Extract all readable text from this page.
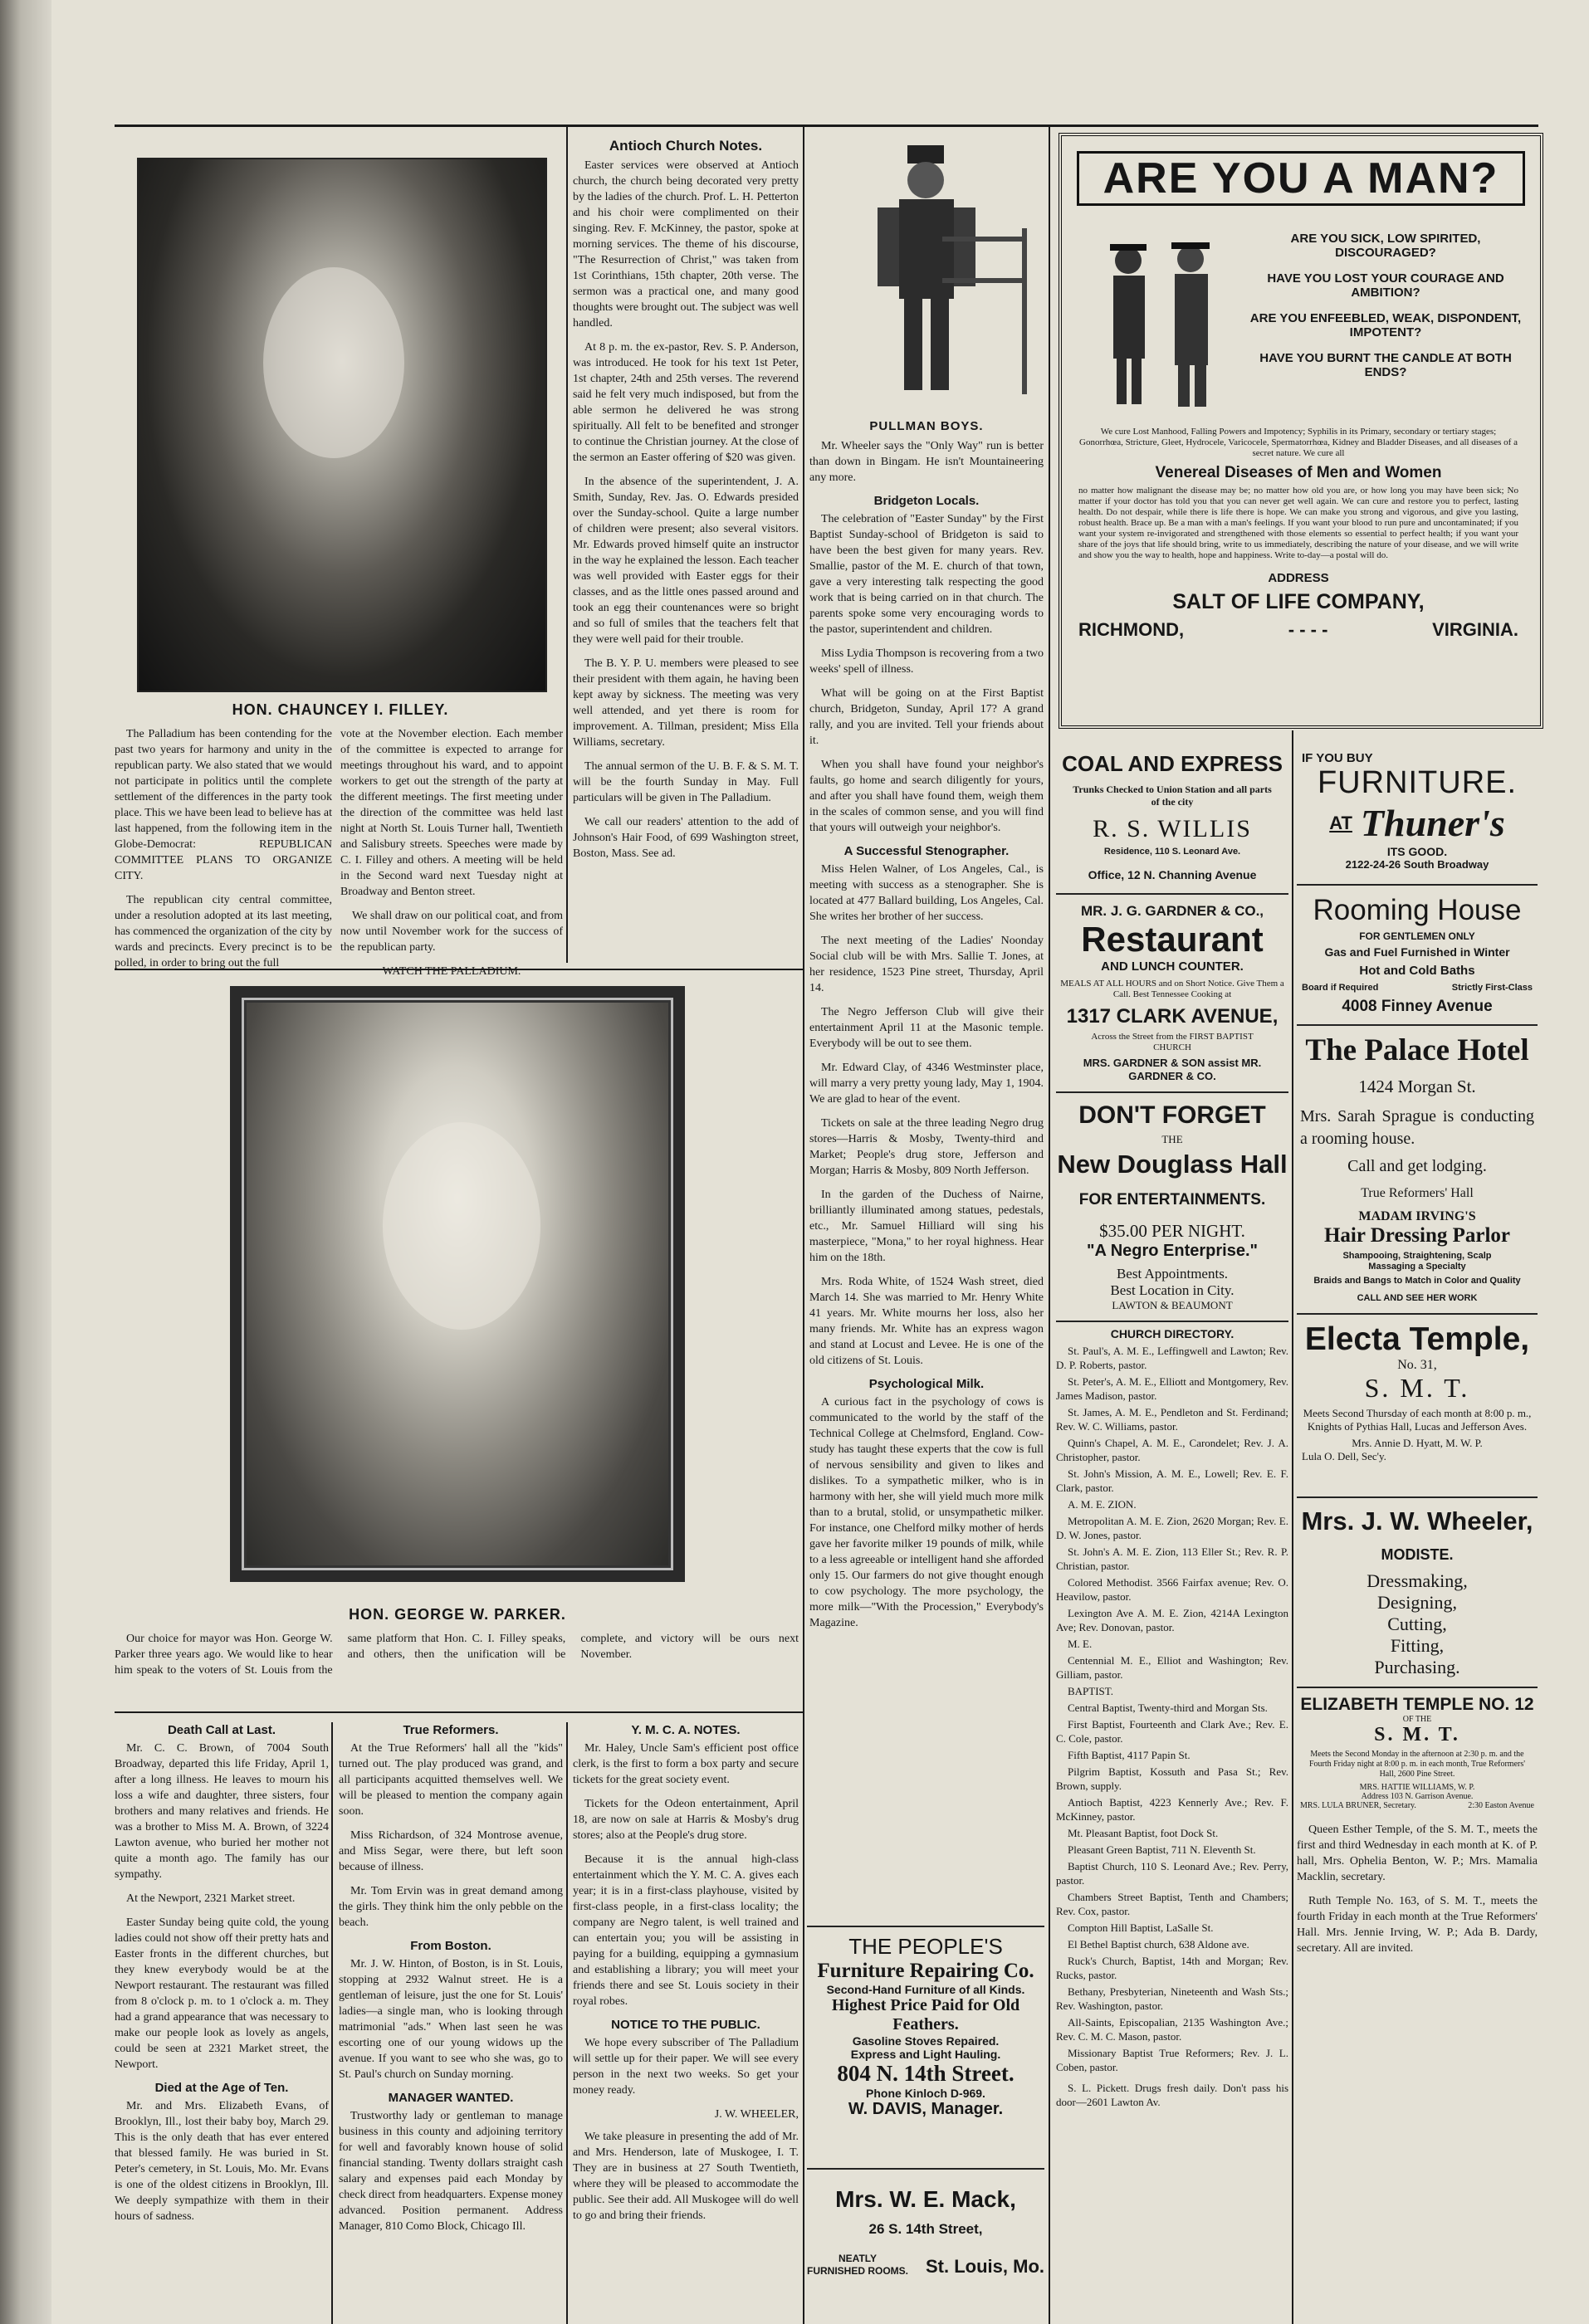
HON. CHAUNCEY I. FILLEY.

The Palladium has been contending for the past two years for harmony and unity in the republican party. We also stated that we would not participate in politics until the complete settlement of the differences in the party took place. This we have been lead to believe has at last happened, from the following item in the Globe-Democrat: REPUBLICAN COMMITTEE PLANS TO ORGANIZE CITY.

The republican city central committee, under a resolution adopted at its last meeting, has commenced the organization of the city by wards and precincts. Every precinct is to be polled, in order to bring out the full

vote at the November election. Each member of the committee is expected to arrange for meetings throughout his ward, and to appoint workers to get out the strength of the party at the different meetings. The first meeting under the direction of the committee was held last night at North St. Louis Turner hall, Twentieth and Salisbury streets. Speeches were made by C. I. Filley and others. A meeting will be held in the Second ward next Tuesday night at Broadway and Benton street.

We shall draw on our political coat, and from now until November work for the success of the republican party.

WATCH THE PALLADIUM.
Antioch Church Notes.

Easter services were observed at Antioch church, the church being decorated very pretty by the ladies of the church. Prof. L. H. Petterton and his choir were complimented on their singing. Rev. F. McKinney, the pastor, spoke at morning services. The theme of his discourse, "The Resurrection of Christ," was taken from 1st Corinthians, 15th chapter, 20th verse. The sermon was a practical one, and many good thoughts were brought out. The subject was well handled.

At 8 p. m. the ex-pastor, Rev. S. P. Anderson, was introduced. He took for his text 1st Peter, 1st chapter, 24th and 25th verses. The reverend said he felt very much indisposed, but from the able sermon he delivered he was strong spiritually. All felt to be benefited and stronger to continue the Christian journey. At the close of the sermon an Easter offering of $20 was given.

In the absence of the superintendent, J. A. Smith, Sunday, Rev. Jas. O. Edwards presided over the Sunday-school. Quite a large number of children were present; also several visitors. Mr. Edwards proved himself quite an instructor in the way he explained the lesson. Each teacher was well provided with Easter eggs for their classes, and as the little ones passed around and took an egg their countenances were so bright and so full of smiles that the teachers felt that they were well paid for their trouble.

The B. Y. P. U. members were pleased to see their president with them again, he having been kept away by sickness. The meeting was very well attended, and yet there is room for improvement. A. Tillman, president; Miss Ella Williams, secretary.

The annual sermon of the U. B. F. & S. M. T. will be the fourth Sunday in May. Full particulars will be given in The Palladium.

We call our readers' attention to the add of Johnson's Hair Food, of 699 Washington street, Boston, Mass. See ad.

HON. GEORGE W. PARKER.

Our choice for mayor was Hon. George W. Parker three years ago. We would like to hear him speak to the voters of St. Louis from the same platform that Hon. C. I. Filley speaks, and others, then the unification will be complete, and victory will be ours next November.

Death Call at Last.

Mr. C. C. Brown, of 7004 South Broadway, departed this life Friday, April 1, after a long illness. He leaves to mourn his loss a wife and daughter, three sisters, four brothers and many relatives and friends. He was a brother to Miss M. A. Brown, of 3224 Lawton avenue, who buried her mother not quite a month ago. The family has our sympathy.

At the Newport, 2321 Market street.

Easter Sunday being quite cold, the young ladies could not show off their pretty hats and Easter fronts in the different churches, but they knew everybody would be at the Newport restaurant. The restaurant was filled from 8 o'clock p. m. to 1 o'clock a. m. They had a grand appearance that was necessary to make our people look as lovely as angels, could be seen at 2321 Market street, the Newport.

Died at the Age of Ten.

Mr. and Mrs. Elizabeth Evans, of Brooklyn, Ill., lost their baby boy, March 29. This is the only death that has ever entered that blessed family. He was buried in St. Peter's cemetery, in St. Louis, Mo. Mr. Evans is one of the oldest citizens in Brooklyn, Ill. We deeply sympathize with them in their hours of sadness.

True Reformers.

At the True Reformers' hall all the "kids" turned out. The play produced was grand, and all participants acquitted themselves well. We will be pleased to mention the company again soon.

Miss Richardson, of 324 Montrose avenue, and Miss Segar, were there, but left soon because of illness.

Mr. Tom Ervin was in great demand among the girls. They think him the only pebble on the beach.

From Boston.

Mr. J. W. Hinton, of Boston, is in St. Louis, stopping at 2932 Walnut street. He is a gentleman of leisure, just the one for St. Louis' ladies—a single man, who is looking through matrimonial "ads." When last seen he was escorting one of our young widows up the avenue. If you want to see who she was, go to St. Paul's church on Sunday morning.

MANAGER WANTED.

Trustworthy lady or gentleman to manage business in this county and adjoining territory for well and favorably known house of solid financial standing. Twenty dollars straight cash salary and expenses paid each Monday by check direct from headquarters. Expense money advanced. Position permanent. Address Manager, 810 Como Block, Chicago Ill.

Y. M. C. A. NOTES.

Mr. Haley, Uncle Sam's efficient post office clerk, is the first to form a box party and secure tickets for the great society event.

Tickets for the Odeon entertainment, April 18, are now on sale at Harris & Mosby's drug stores; also at the People's drug store.

Because it is the annual high-class entertainment which the Y. M. C. A. gives each year; it is in a first-class playhouse, visited by first-class people, in a first-class locality; the company are Negro talent, is well trained and can entertain you; you will be assisting in paying for a building, equipping a gymnasium and establishing a library; you will meet your friends there and see St. Louis society in their royal robes.

NOTICE TO THE PUBLIC.

We hope every subscriber of The Palladium will settle up for their paper. We will see every person in the next two weeks. So get your money ready.

J. W. WHEELER,

We take pleasure in presenting the add of Mr. and Mrs. Henderson, late of Muskogee, I. T. They are in business at 27 South Twentieth, where they will be pleased to accommodate the public. See their add. All Muskogee will do well to go and bring their friends.

PULLMAN BOYS.

Mr. Wheeler says the "Only Way" run is better than down in Bingam. He isn't Mountaineering any more.

Bridgeton Locals.

The celebration of "Easter Sunday" by the First Baptist Sunday-school of Bridgeton is said to have been the best given for many years. Rev. Smallie, pastor of the M. E. church of that town, gave a very interesting talk respecting the good work that is being carried on in that church. The parents spoke some very encouraging words to the pastor, superintendent and children.

Miss Lydia Thompson is recovering from a two weeks' spell of illness.

What will be going on at the First Baptist church, Bridgeton, Sunday, April 17? A grand rally, and you are invited. Tell your friends about it.

When you shall have found your neighbor's faults, go home and search diligently for yours, and after you shall have found them, weigh them in the scales of common sense, and you will find that yours will outweigh your neighbor's.

A Successful Stenographer.

Miss Helen Walner, of Los Angeles, Cal., is meeting with success as a stenographer. She is located at 477 Ballard building, Los Angeles, Cal. She writes her brother of her success.

The next meeting of the Ladies' Noonday Social club will be with Mrs. Sallie T. Jones, at her residence, 1523 Pine street, Thursday, April 14.

The Negro Jefferson Club will give their entertainment April 11 at the Masonic temple. Everybody will be out to see them.

Mr. Edward Clay, of 4346 Westminster place, will marry a very pretty young lady, May 1, 1904. We are glad to hear of the event.

Tickets on sale at the three leading Negro drug stores—Harris & Mosby, Twenty-third and Market; People's drug store, Jefferson and Morgan; Harris & Mosby, 809 North Jefferson.

In the garden of the Duchess of Nairne, brilliantly illuminated among statues, pedestals, etc., Mr. Samuel Hilliard will sing his masterpiece, "Mona," to her royal highness. Hear him on the 18th.

Mrs. Roda White, of 1524 Wash street, died March 14. She was married to Mr. Henry White 41 years. Mr. White mourns her loss, also her many friends. Mr. White has an express wagon and stand at Locust and Levee. He is one of the old citizens of St. Louis.

Psychological Milk.

A curious fact in the psychology of cows is communicated to the world by the staff of the Technical College at Chelmsford, England. Cow-study has taught these experts that the cow is full of nervous sensibility and given to likes and dislikes. To a sympathetic milker, who is in harmony with her, she will yield much more milk than to a brutal, stolid, or unsympathetic milker. For instance, one Chelford milky mother of herds gave her favorite milker 19 pounds of milk, while to a less agreeable or intelligent hand she afforded only 15. Our farmers do not give thought enough to cow psychology. The more psychology, the more milk—"With the Procession," Everybody's Magazine.

THE PEOPLE'S
Furniture Repairing Co.
Second-Hand Furniture of all Kinds.
Highest Price Paid for Old Feathers.
Gasoline Stoves Repaired.
Express and Light Hauling.
804 N. 14th Street.
Phone Kinloch D-969.
W. DAVIS, Manager.
Mrs. W. E. Mack,
26 S. 14th Street,
NEATLY
FURNISHED ROOMS. St. Louis, Mo.
ARE YOU A MAN?
ARE YOU SICK, LOW SPIRITED, DISCOURAGED?
HAVE YOU LOST YOUR COURAGE AND AMBITION?
ARE YOU ENFEEBLED, WEAK, DISPONDENT, IMPOTENT?
HAVE YOU BURNT THE CANDLE AT BOTH ENDS?

We cure Lost Manhood, Falling Powers and Impotency; Syphilis in its Primary, secondary or tertiary stages; Gonorrhœa, Stricture, Gleet, Hydrocele, Varicocele, Spermatorrhœa, Kidney and Bladder Diseases, and all diseases of a secret nature. We cure all

Venereal Diseases of Men and Women

no matter how malignant the disease may be; no matter how old you are, or how long you may have been sick; No matter if your doctor has told you that you can never get well again. We can cure and restore you to perfect, lasting health. Do not despair, while there is life there is hope. We can make you strong and vigorous, and give you lasting, robust health. Brace up. Be a man with a man's feelings. If you want your blood to run pure and uncontaminated; if you want your system re-invigorated and strengthened with those elements so essential to perfect health; if you want your share of the joys that life should bring, write to us immediately, describing the nature of your disease, and we will write and show you the way to health, hope and happiness. Write to-day—a postal will do.

ADDRESS
SALT OF LIFE COMPANY,
RICHMOND,	- - - -	VIRGINIA.
COAL AND EXPRESS
Trunks Checked to Union Station and all parts of the city
R. S. WILLIS
Residence, 110 S. Leonard Ave.
Office, 12 N. Channing Avenue
MR. J. G. GARDNER & CO.,
Restaurant
AND LUNCH COUNTER.
MEALS AT ALL HOURS and on Short Notice. Give Them a Call. Best Tennessee Cooking at
1317 CLARK AVENUE,
Across the Street from the FIRST BAPTIST CHURCH
MRS. GARDNER & SON assist MR. GARDNER & CO.
DON'T FORGET
THE
New Douglass Hall
FOR ENTERTAINMENTS.
$35.00 PER NIGHT.
"A Negro Enterprise."
Best Appointments.
Best Location in City.
LAWTON & BEAUMONT
CHURCH DIRECTORY.

St. Paul's, A. M. E., Leffingwell and Lawton; Rev. D. P. Roberts, pastor.

St. Peter's, A. M. E., Elliott and Montgomery, Rev. James Madison, pastor.

St. James, A. M. E., Pendleton and St. Ferdinand; Rev. W. C. Williams, pastor.

Quinn's Chapel, A. M. E., Carondelet; Rev. J. A. Christopher, pastor.

St. John's Mission, A. M. E., Lowell; Rev. E. F. Clark, pastor.

A. M. E. ZION.

Metropolitan A. M. E. Zion, 2620 Morgan; Rev. E. D. W. Jones, pastor.

St. John's A. M. E. Zion, 113 Eller St.; Rev. R. P. Christian, pastor.

Colored Methodist. 3566 Fairfax avenue; Rev. O. Heavilow, pastor.

Lexington Ave A. M. E. Zion, 4214A Lexington Ave; Rev. Donovan, pastor.

M. E.

Centennial M. E., Elliot and Washington; Rev. Gilliam, pastor.

BAPTIST.

Central Baptist, Twenty-third and Morgan Sts.

First Baptist, Fourteenth and Clark Ave.; Rev. E. C. Cole, pastor.

Fifth Baptist, 4117 Papin St.

Pilgrim Baptist, Kossuth and Pasa St.; Rev. Brown, supply.

Antioch Baptist, 4223 Kennerly Ave.; Rev. F. McKinney, pastor.

Mt. Pleasant Baptist, foot Dock St.

Pleasant Green Baptist, 711 N. Eleventh St.

Baptist Church, 110 S. Leonard Ave.; Rev. Perry, pastor.

Chambers Street Baptist, Tenth and Chambers; Rev. Cox, pastor.

Compton Hill Baptist, LaSalle St.

El Bethel Baptist church, 638 Aldone ave.

Ruck's Church, Baptist, 14th and Morgan; Rev. Rucks, pastor.

Bethany, Presbyterian, Nineteenth and Wash Sts.; Rev. Washington, pastor.

All-Saints, Episcopalian, 2135 Washington Ave.; Rev. C. M. C. Mason, pastor.

Missionary Baptist True Reformers; Rev. J. L. Coben, pastor.

S. L. Pickett. Drugs fresh daily. Don't pass his door—2601 Lawton Av.

IF YOU BUY
FURNITURE.
AT Thuner's
ITS GOOD.
2122-24-26 South Broadway
Rooming House
FOR GENTLEMEN ONLY
Gas and Fuel Furnished in Winter
Hot and Cold Baths
Board if Required	Strictly First-Class
4008 Finney Avenue
The Palace Hotel
1424 Morgan St.
Mrs. Sarah Sprague is conducting a rooming house.
Call and get lodging.
True Reformers' Hall
MADAM IRVING'S
Hair Dressing Parlor
Shampooing, Straightening, Scalp Massaging a Specialty
Braids and Bangs to Match in Color and Quality
CALL AND SEE HER WORK
Electa Temple,
No. 31,
S. M. T.
Meets Second Thursday of each month at 8:00 p. m., Knights of Pythias Hall, Lucas and Jefferson Aves.
Mrs. Annie D. Hyatt, M. W. P.
Lula O. Dell, Sec'y.
Mrs. J. W. Wheeler,
MODISTE.
Dressmaking,
Designing,
Cutting,
Fitting,
Purchasing.
ELIZABETH TEMPLE NO. 12
OF THE
S. M. T.
Meets the Second Monday in the afternoon at 2:30 p. m. and the Fourth Friday night at 8:00 p. m. in each month, True Reformers' Hall, 2600 Pine Street.
MRS. HATTIE WILLIAMS, W. P.
Address 103 N. Garrison Avenue.
MRS. LULA BRUNER, Secretary.	2:30 Easton Avenue

Queen Esther Temple, of the S. M. T., meets the first and third Wednesday in each month at K. of P. hall, Mrs. Ophelia Benton, W. P.; Mrs. Mamalia Macklin, secretary.

Ruth Temple No. 163, of S. M. T., meets the fourth Friday in each month at the True Reformers' Hall. Mrs. Jennie Irving, W. P.; Ada B. Dardy, secretary. All are invited.
